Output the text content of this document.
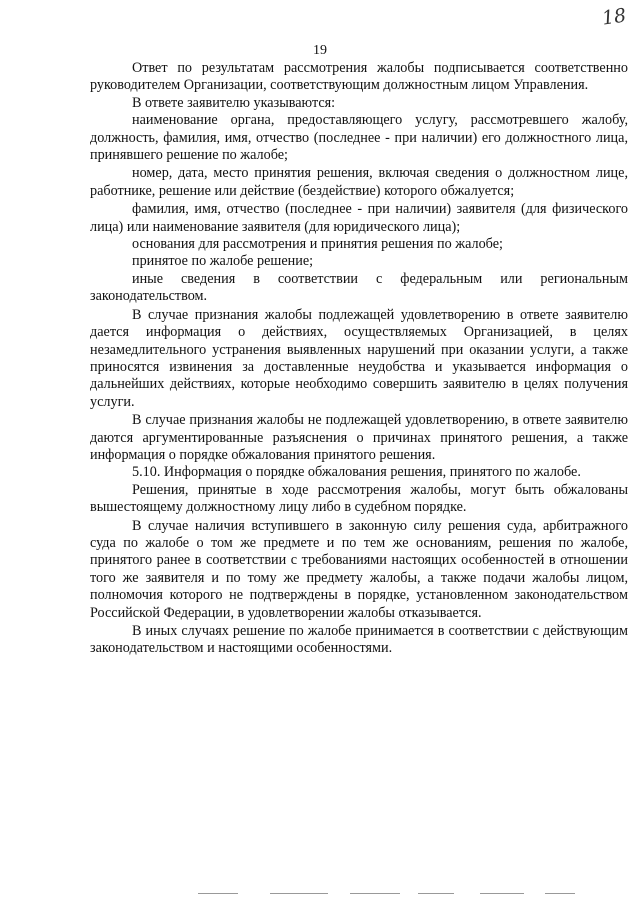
18
19

Ответ по результатам рассмотрения жалобы подписывается соответственно руководителем Организации, соответствующим должностным лицом Управления.

В ответе заявителю указываются:

наименование органа, предоставляющего услугу, рассмотревшего жалобу, должность, фамилия, имя, отчество (последнее - при наличии) его должностного лица, принявшего решение по жалобе;

номер, дата, место принятия решения, включая сведения о должностном лице, работнике, решение или действие (бездействие) которого обжалуется;

фамилия, имя, отчество (последнее - при наличии) заявителя (для физического лица) или наименование заявителя (для юридического лица);

основания для рассмотрения и принятия решения по жалобе;

принятое по жалобе решение;

иные сведения в соответствии с федеральным или региональным законодательством.

В случае признания жалобы подлежащей удовлетворению в ответе заявителю дается информация о действиях, осуществляемых Организацией, в целях незамедлительного устранения выявленных нарушений при оказании услуги, а также приносятся извинения за доставленные неудобства и указывается информация о дальнейших действиях, которые необходимо совершить заявителю в целях получения услуги.

В случае признания жалобы не подлежащей удовлетворению, в ответе заявителю даются аргументированные разъяснения о причинах принятого решения, а также информация о порядке обжалования принятого решения.

5.10. Информация о порядке обжалования решения, принятого по жалобе.

Решения, принятые в ходе рассмотрения жалобы, могут быть обжалованы вышестоящему должностному лицу либо в судебном порядке.

В случае наличия вступившего в законную силу решения суда, арбитражного суда по жалобе о том же предмете и по тем же основаниям, решения по жалобе, принятого ранее в соответствии с требованиями настоящих особенностей в отношении того же заявителя и по тому же предмету жалобы, а также подачи жалобы лицом, полномочия которого не подтверждены в порядке, установленном законодательством Российской Федерации, в удовлетворении жалобы отказывается.

В иных случаях решение по жалобе принимается в соответствии с действующим законодательством и настоящими особенностями.
